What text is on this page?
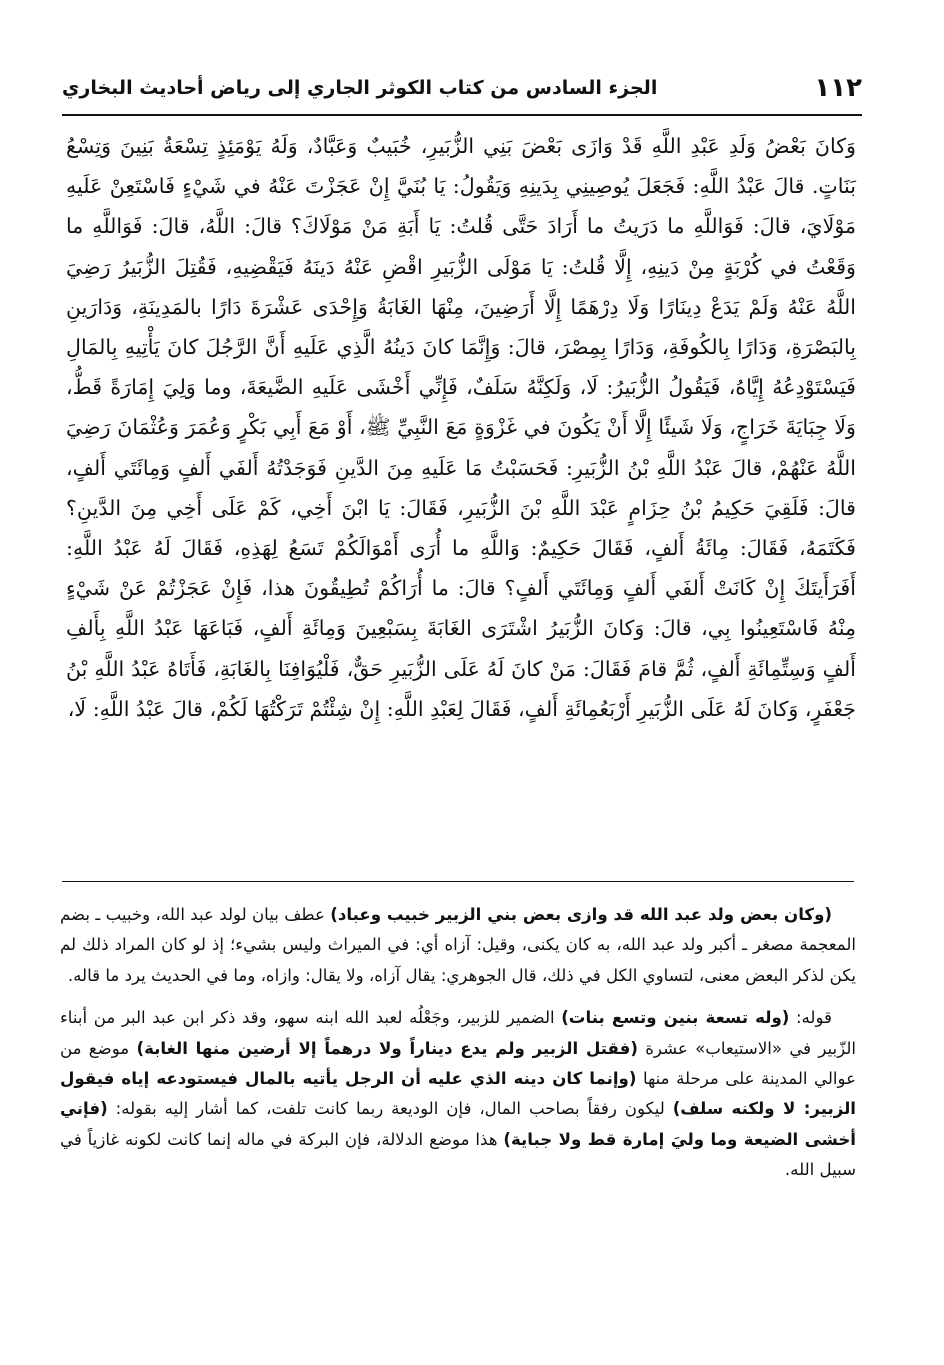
١١٢
الجزء السادس من كتاب الكوثر الجاري إلى رياض أحاديث البخاري

وَكانَ بَعْضُ وَلَدِ عَبْدِ اللَّهِ قَدْ وَازَى بَعْضَ بَنِي الزُّبَيرِ، خُبَيبٌ وَعَبَّادٌ، وَلَهُ يَوْمَئِذٍ تِسْعَةُ بَنِينَ وَتِسْعُ بَنَاتٍ. قالَ عَبْدُ اللَّهِ: فَجَعَلَ يُوصِينِي بِدَينِهِ وَيَقُولُ: يَا بُنَيَّ إِنْ عَجَزْتَ عَنْهُ في شَيْءٍ فَاسْتَعِنْ عَلَيهِ مَوْلَايَ، قالَ: فَوَاللَّهِ ما دَرَيتُ ما أَرَادَ حَتَّى قُلتُ: يَا أَبَةِ مَنْ مَوْلَاكَ؟ قالَ: اللَّهُ، قالَ: فَوَاللَّهِ ما وَقَعْتُ في كُرْبَةٍ مِنْ دَينِهِ، إِلَّا قُلتُ: يَا مَوْلَى الزُّبَيرِ اقْضِ عَنْهُ دَينَهُ فَيَقْضِيهِ، فَقُتِلَ الزُّبَيرُ رَضِيَ اللَّهُ عَنْهُ وَلَمْ يَدَعْ دِينَارًا وَلَا دِرْهَمًا إِلَّا أَرَضِينَ، مِنْهَا الغَابَةُ وَإِحْدَى عَشْرَةَ دَارًا بالمَدِينَةِ، وَدَارَينِ بِالبَصْرَةِ، وَدَارًا بِالكُوفَةِ، وَدَارًا بِمِصْرَ، قالَ: وَإِنَّمَا كانَ دَينُهُ الَّذِي عَلَيهِ أَنَّ الرَّجُلَ كانَ يَأْتِيهِ بِالمَالِ فَيَسْتَوْدِعُهُ إِيَّاهُ، فَيَقُولُ الزُّبَيرُ: لَا، وَلَكِنَّهُ سَلَفٌ، فَإِنِّي أَخْشَى عَلَيهِ الضَّيعَةَ، وما وَلِيَ إِمَارَةً قَطُّ، وَلَا جِبَايَةَ خَرَاجٍ، وَلَا شَيئًا إِلَّا أَنْ يَكُونَ في غَزْوَةٍ مَعَ النَّبِيِّ ﷺ، أَوْ مَعَ أَبِي بَكْرٍ وَعُمَرَ وَعُثْمَانَ رَضِيَ اللَّهُ عَنْهُمْ، قالَ عَبْدُ اللَّهِ بْنُ الزُّبَيرِ: فَحَسَبْتُ مَا عَلَيهِ مِنَ الدَّينِ فَوَجَدْتُهُ أَلفَي أَلفٍ وَمِائَتَي أَلفٍ، قالَ: فَلَقِيَ حَكِيمُ بْنُ حِزَامٍ عَبْدَ اللَّهِ بْنَ الزُّبَيرِ، فَقَالَ: يَا ابْنَ أَخِي، كَمْ عَلَى أَخِي مِنَ الدَّينِ؟ فَكَتَمَهُ، فَقَالَ: مِائَةُ أَلفٍ، فَقَالَ حَكِيمٌ: وَاللَّهِ ما أُرَى أَمْوَالَكُمْ تَسَعُ لِهَذِهِ، فَقَالَ لَهُ عَبْدُ اللَّهِ: أَفَرَأَيتَكَ إِنْ كَانَتْ أَلفَي أَلفٍ وَمِائَتَي أَلفٍ؟ قالَ: ما أُرَاكُمْ تُطِيقُونَ هذا، فَإِنْ عَجَزْتُمْ عَنْ شَيْءٍ مِنْهُ فَاسْتَعِينُوا بِي، قالَ: وَكانَ الزُّبَيرُ اشْتَرَى الغَابَةَ بِسَبْعِينَ وَمِائَةِ أَلفٍ، فَبَاعَهَا عَبْدُ اللَّهِ بِأَلفِ أَلفٍ وَسِتِّمِائَةِ أَلفٍ، ثُمَّ قامَ فَقَالَ: مَنْ كانَ لَهُ عَلَى الزُّبَيرِ حَقٌّ، فَلْيُوَافِنَا بِالغَابَةِ، فَأَتَاهُ عَبْدُ اللَّهِ بْنُ جَعْفَرٍ، وَكانَ لَهُ عَلَى الزُّبَيرِ أَرْبَعُمِائَةِ أَلفٍ، فَقَالَ لِعَبْدِ اللَّهِ: إِنْ شِئْتُمْ تَرَكْتُهَا لَكُمْ، قالَ عَبْدُ اللَّهِ: لَا،

(وكان بعض ولد عبد الله قد وازى بعض بني الزبير خبيب وعباد) عطف بيان لولد عبد الله، وخبيب ـ بضم المعجمة مصغر ـ أكبر ولد عبد الله، به كان يكنى، وقيل: آزاه أي: في الميراث وليس بشيء؛ إذ لو كان المراد ذلك لم يكن لذكر البعض معنى، لتساوي الكل في ذلك، قال الجوهري: يقال آزاه، ولا يقال: وازاه، وما في الحديث يرد ما قاله.

قوله: (وله تسعة بنين وتسع بنات) الضمير للزبير، وجَعْلُه لعبد الله ابنه سهو، وقد ذكر ابن عبد البر من أبناء الزّبير في «الاستيعاب» عشرة (فقتل الزبير ولم يدع ديناراً ولا درهماً إلا أرضين منها الغابة) موضع من عوالي المدينة على مرحلة منها (وإنما كان دينه الذي عليه أن الرجل يأتيه بالمال فيستودعه إياه فيقول الزبير: لا ولكنه سلف) ليكون رفقاً بصاحب المال، فإن الوديعة ربما كانت تلفت، كما أشار إليه بقوله: (فإني أخشى الضيعة وما وليَ إمارة قط ولا جباية) هذا موضع الدلالة، فإن البركة في ماله إنما كانت لكونه غازياً في سبيل الله.
